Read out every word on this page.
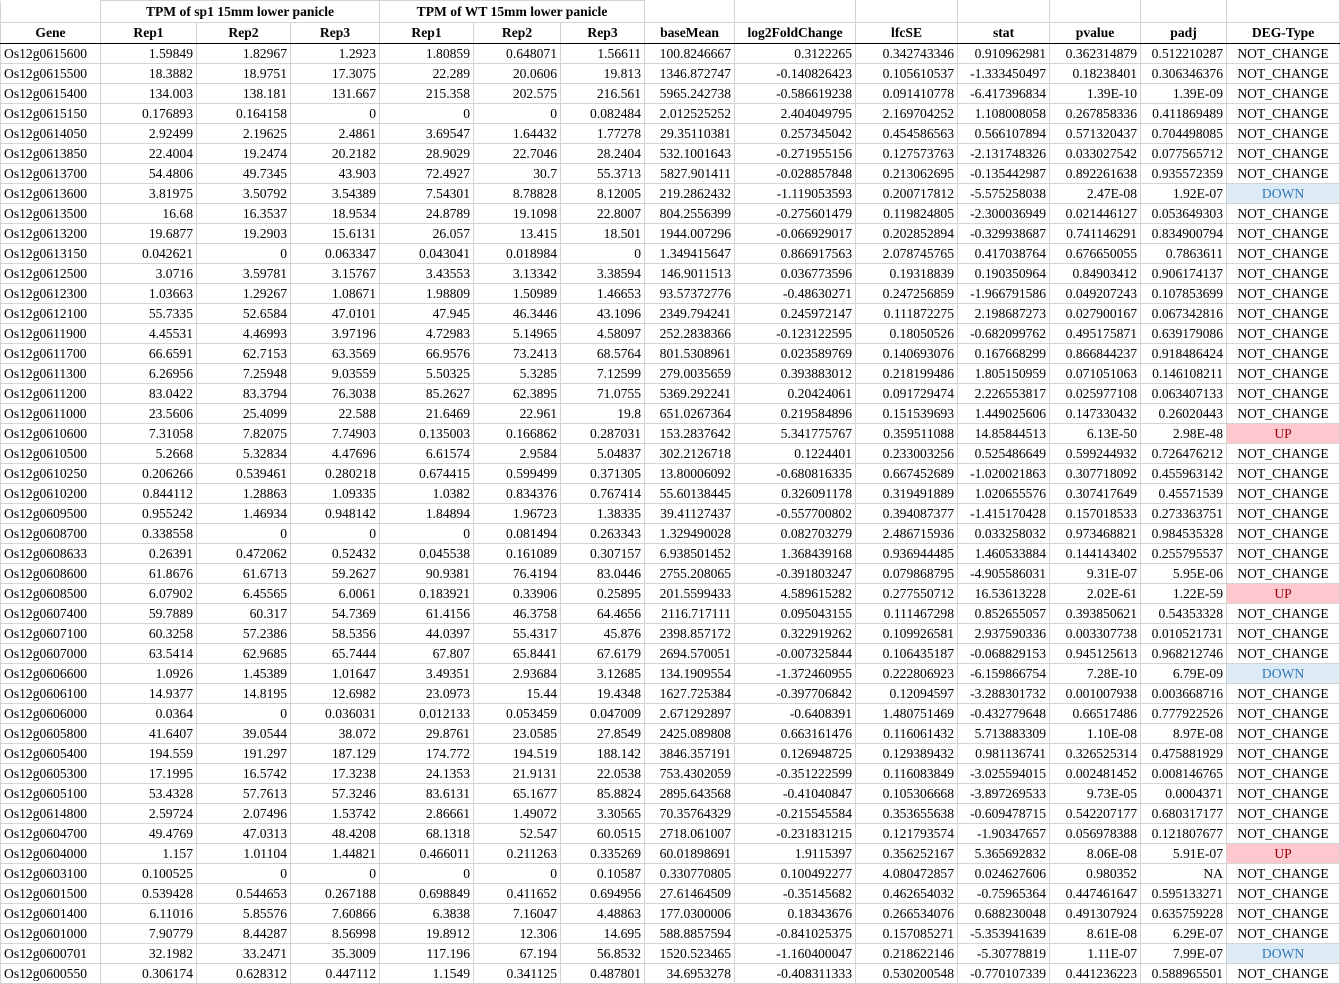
	TPM of sp1 15mm lower panicle			TPM of WT 15mm lower panicle									
Gene	Rep1	Rep2	Rep3	Rep1	Rep2	Rep3	baseMean	log2FoldChange	lfcSE	stat	pvalue	padj	DEG-Type
Os12g0615600	1.59849	1.82967	1.2923	1.80859	0.648071	1.56611	100.8246667	0.3122265	0.342743346	0.910962981	0.362314879	0.512210287	NOT_CHANGE
Os12g0615500	18.3882	18.9751	17.3075	22.289	20.0606	19.813	1346.872747	-0.140826423	0.105610537	-1.333450497	0.18238401	0.306346376	NOT_CHANGE
Os12g0615400	134.003	138.181	131.667	215.358	202.575	216.561	5965.242738	-0.586619238	0.091410778	-6.417396834	1.39E-10	1.39E-09	NOT_CHANGE
Os12g0615150	0.176893	0.164158	0	0	0	0.082484	2.012525252	2.404049795	2.169704252	1.108008058	0.267858336	0.411869489	NOT_CHANGE
Os12g0614050	2.92499	2.19625	2.4861	3.69547	1.64432	1.77278	29.35110381	0.257345042	0.454586563	0.566107894	0.571320437	0.704498085	NOT_CHANGE
Os12g0613850	22.4004	19.2474	20.2182	28.9029	22.7046	28.2404	532.1001643	-0.271955156	0.127573763	-2.131748326	0.033027542	0.077565712	NOT_CHANGE
Os12g0613700	54.4806	49.7345	43.903	72.4927	30.7	55.3713	5827.901411	-0.028857848	0.213062695	-0.135442987	0.892261638	0.935572359	NOT_CHANGE
Os12g0613600	3.81975	3.50792	3.54389	7.54301	8.78828	8.12005	219.2862432	-1.119053593	0.200717812	-5.575258038	2.47E-08	1.92E-07	DOWN
Os12g0613500	16.68	16.3537	18.9534	24.8789	19.1098	22.8007	804.2556399	-0.275601479	0.119824805	-2.300036949	0.021446127	0.053649303	NOT_CHANGE
Os12g0613200	19.6877	19.2903	15.6131	26.057	13.415	18.501	1944.007296	-0.066929017	0.202852894	-0.329938687	0.741146291	0.834900794	NOT_CHANGE
Os12g0613150	0.042621	0	0.063347	0.043041	0.018984	0	1.349415647	0.866917563	2.078745765	0.417038764	0.676650055	0.7863611	NOT_CHANGE
Os12g0612500	3.0716	3.59781	3.15767	3.43553	3.13342	3.38594	146.9011513	0.036773596	0.19318839	0.190350964	0.84903412	0.906174137	NOT_CHANGE
Os12g0612300	1.03663	1.29267	1.08671	1.98809	1.50989	1.46653	93.57372776	-0.48630271	0.247256859	-1.966791586	0.049207243	0.107853699	NOT_CHANGE
Os12g0612100	55.7335	52.6584	47.0101	47.945	46.3446	43.1096	2349.794241	0.245972147	0.111872275	2.198687273	0.027900167	0.067342816	NOT_CHANGE
Os12g0611900	4.45531	4.46993	3.97196	4.72983	5.14965	4.58097	252.2838366	-0.123122595	0.18050526	-0.682099762	0.495175871	0.639179086	NOT_CHANGE
Os12g0611700	66.6591	62.7153	63.3569	66.9576	73.2413	68.5764	801.5308961	0.023589769	0.140693076	0.167668299	0.866844237	0.918486424	NOT_CHANGE
Os12g0611300	6.26956	7.25948	9.03559	5.50325	5.3285	7.12599	279.0035659	0.393883012	0.218199486	1.805150959	0.071051063	0.146108211	NOT_CHANGE
Os12g0611200	83.0422	83.3794	76.3038	85.2627	62.3895	71.0755	5369.292241	0.20424061	0.091729474	2.226553817	0.025977108	0.063407133	NOT_CHANGE
Os12g0611000	23.5606	25.4099	22.588	21.6469	22.961	19.8	651.0267364	0.219584896	0.151539693	1.449025606	0.147330432	0.26020443	NOT_CHANGE
Os12g0610600	7.31058	7.82075	7.74903	0.135003	0.166862	0.287031	153.2837642	5.341775767	0.359511088	14.85844513	6.13E-50	2.98E-48	UP
Os12g0610500	5.2668	5.32834	4.47696	6.61574	2.9584	5.04837	302.2126718	0.1224401	0.233003256	0.525486649	0.599244932	0.726476212	NOT_CHANGE
Os12g0610250	0.206266	0.539461	0.280218	0.674415	0.599499	0.371305	13.80006092	-0.680816335	0.667452689	-1.020021863	0.307718092	0.455963142	NOT_CHANGE
Os12g0610200	0.844112	1.28863	1.09335	1.0382	0.834376	0.767414	55.60138445	0.326091178	0.319491889	1.020655576	0.307417649	0.45571539	NOT_CHANGE
Os12g0609500	0.955242	1.46934	0.948142	1.84894	1.96723	1.38335	39.41127437	-0.557700802	0.394087377	-1.415170428	0.157018533	0.273363751	NOT_CHANGE
Os12g0608700	0.338558	0	0	0	0.081494	0.263343	1.329490028	0.082703279	2.486715936	0.033258032	0.973468821	0.984535328	NOT_CHANGE
Os12g0608633	0.26391	0.472062	0.52432	0.045538	0.161089	0.307157	6.938501452	1.368439168	0.936944485	1.460533884	0.144143402	0.255795537	NOT_CHANGE
Os12g0608600	61.8676	61.6713	59.2627	90.9381	76.4194	83.0446	2755.208065	-0.391803247	0.079868795	-4.905586031	9.31E-07	5.95E-06	NOT_CHANGE
Os12g0608500	6.07902	6.45565	6.0061	0.183921	0.33906	0.25895	201.5599433	4.589615282	0.277550712	16.53613228	2.02E-61	1.22E-59	UP
Os12g0607400	59.7889	60.317	54.7369	61.4156	46.3758	64.4656	2116.717111	0.095043155	0.111467298	0.852655057	0.393850621	0.54353328	NOT_CHANGE
Os12g0607100	60.3258	57.2386	58.5356	44.0397	55.4317	45.876	2398.857172	0.322919262	0.109926581	2.937590336	0.003307738	0.010521731	NOT_CHANGE
Os12g0607000	63.5414	62.9685	65.7444	67.807	65.8441	67.6179	2694.570051	-0.007325844	0.106435187	-0.068829153	0.945125613	0.968212746	NOT_CHANGE
Os12g0606600	1.0926	1.45389	1.01647	3.49351	2.93684	3.12685	134.1909554	-1.372460955	0.222806923	-6.159866754	7.28E-10	6.79E-09	DOWN
Os12g0606100	14.9377	14.8195	12.6982	23.0973	15.44	19.4348	1627.725384	-0.397706842	0.12094597	-3.288301732	0.001007938	0.003668716	NOT_CHANGE
Os12g0606000	0.0364	0	0.036031	0.012133	0.053459	0.047009	2.671292897	-0.6408391	1.480751469	-0.432779648	0.66517486	0.777922526	NOT_CHANGE
Os12g0605800	41.6407	39.0544	38.072	29.8761	23.0585	27.8549	2425.089808	0.663161476	0.116061432	5.713883309	1.10E-08	8.97E-08	NOT_CHANGE
Os12g0605400	194.559	191.297	187.129	174.772	194.519	188.142	3846.357191	0.126948725	0.129389432	0.981136741	0.326525314	0.475881929	NOT_CHANGE
Os12g0605300	17.1995	16.5742	17.3238	24.1353	21.9131	22.0538	753.4302059	-0.351222599	0.116083849	-3.025594015	0.002481452	0.008146765	NOT_CHANGE
Os12g0605100	53.4328	57.7613	57.3246	83.6131	65.1677	85.8824	2895.643568	-0.41040847	0.105306668	-3.897269533	9.73E-05	0.0004371	NOT_CHANGE
Os12g0614800	2.59724	2.07496	1.53742	2.86661	1.49072	3.30565	70.35764329	-0.215545584	0.353655638	-0.609478715	0.542207177	0.680317177	NOT_CHANGE
Os12g0604700	49.4769	47.0313	48.4208	68.1318	52.547	60.0515	2718.061007	-0.231831215	0.121793574	-1.90347657	0.056978388	0.121807677	NOT_CHANGE
Os12g0604000	1.157	1.01104	1.44821	0.466011	0.211263	0.335269	60.01898691	1.9115397	0.356252167	5.365692832	8.06E-08	5.91E-07	UP
Os12g0603100	0.100525	0	0	0	0	0.10587	0.330770805	0.100492277	4.080472857	0.024627606	0.980352	NA	NOT_CHANGE
Os12g0601500	0.539428	0.544653	0.267188	0.698849	0.411652	0.694956	27.61464509	-0.35145682	0.462654032	-0.75965364	0.447461647	0.595133271	NOT_CHANGE
Os12g0601400	6.11016	5.85576	7.60866	6.3838	7.16047	4.48863	177.0300006	0.18343676	0.266534076	0.688230048	0.491307924	0.635759228	NOT_CHANGE
Os12g0601000	7.90779	8.44287	8.56998	19.8912	12.306	14.695	588.8857594	-0.841025375	0.157085271	-5.353941639	8.61E-08	6.29E-07	NOT_CHANGE
Os12g0600701	32.1982	33.2471	35.3009	117.196	67.194	56.8532	1520.523465	-1.160400047	0.218622146	-5.30778819	1.11E-07	7.99E-07	DOWN
Os12g0600550	0.306174	0.628312	0.447112	1.1549	0.341125	0.487801	34.6953278	-0.408311333	0.530200548	-0.770107339	0.441236223	0.588965501	NOT_CHANGE
